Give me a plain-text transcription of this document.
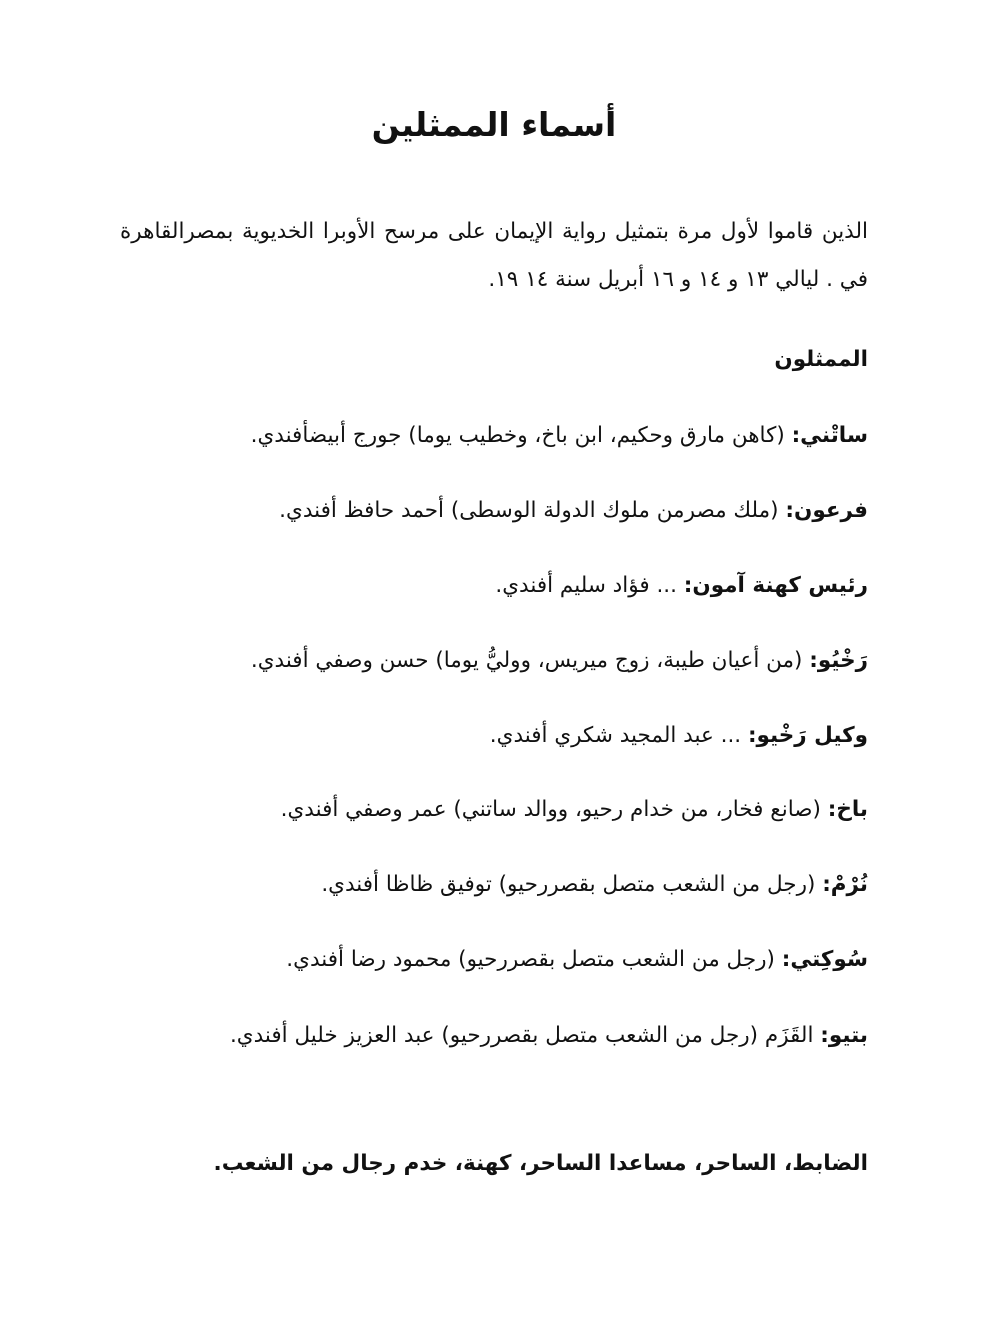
أسماء الممثلين

الذين قاموا لأول مرة بتمثيل رواية الإيمان على مرسح الأوبرا الخديوية بمصرالقاهرة في . ليالي ١٣ و ١٤ و ١٦ أبريل سنة ١٤ ١٩.

الممثلون
ساتْني: (كاهن مارق وحكيم، ابن باخ، وخطيب يوما) جورج أبيضأفندي.
فرعون: (ملك مصرمن ملوك الدولة الوسطى) أحمد حافظ أفندي.
رئيس كهنة آمون: ... فؤاد سليم أفندي.
رَخْيُو: (من أعيان طيبة، زوج ميريس، ووليُّ يوما) حسن وصفي أفندي.
وكيل رَخْيو: ... عبد المجيد شكري أفندي.
باخ: (صانع فخار، من خدام رحيو، ووالد ساتني) عمر وصفي أفندي.
نُرْمْ: (رجل من الشعب متصل بقصررحيو) توفيق ظاظا أفندي.
سُوكِتي: (رجل من الشعب متصل بقصررحيو) محمود رضا أفندي.
بتيو: القَزَم (رجل من الشعب متصل بقصررحيو) عبد العزيز خليل أفندي.

الضابط، الساحر، مساعدا الساحر، كهنة، خدم رجال من الشعب.
